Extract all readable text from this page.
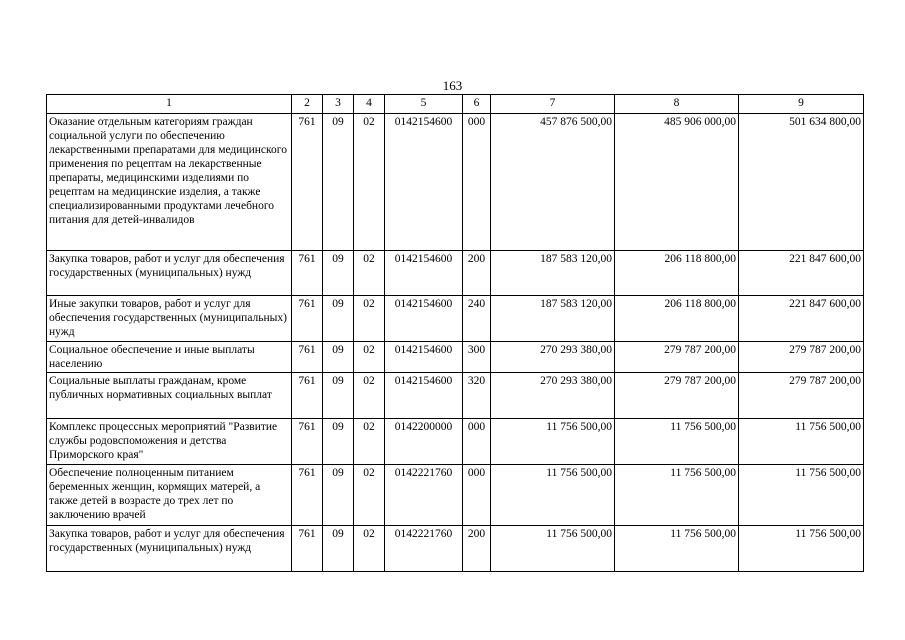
163
1	2	3	4	5	6	7	8	9
Оказание отдельным категориям граждан социальной услуги по обеспечению лекарственными препаратами для медицинского применения по рецептам на лекарственные препараты, медицинскими изделиями по рецептам на медицинские изделия, а также специализированными продуктами лечебного питания для детей-инвалидов	761	09	02	0142154600	000	457 876 500,00	485 906 000,00	501 634 800,00
Закупка товаров, работ и услуг для обеспечения государственных (муниципальных) нужд	761	09	02	0142154600	200	187 583 120,00	206 118 800,00	221 847 600,00
Иные закупки товаров, работ и услуг для обеспечения государственных (муниципальных) нужд	761	09	02	0142154600	240	187 583 120,00	206 118 800,00	221 847 600,00
Социальное обеспечение и иные выплаты населению	761	09	02	0142154600	300	270 293 380,00	279 787 200,00	279 787 200,00
Социальные выплаты гражданам, кроме публичных нормативных социальных выплат	761	09	02	0142154600	320	270 293 380,00	279 787 200,00	279 787 200,00
Комплекс процессных мероприятий "Развитие службы родовспоможения и детства Приморского края"	761	09	02	0142200000	000	11 756 500,00	11 756 500,00	11 756 500,00
Обеспечение полноценным питанием беременных женщин, кормящих матерей, а также детей в возрасте до трех лет по заключению врачей	761	09	02	0142221760	000	11 756 500,00	11 756 500,00	11 756 500,00
Закупка товаров, работ и услуг для обеспечения государственных (муниципальных) нужд	761	09	02	0142221760	200	11 756 500,00	11 756 500,00	11 756 500,00
